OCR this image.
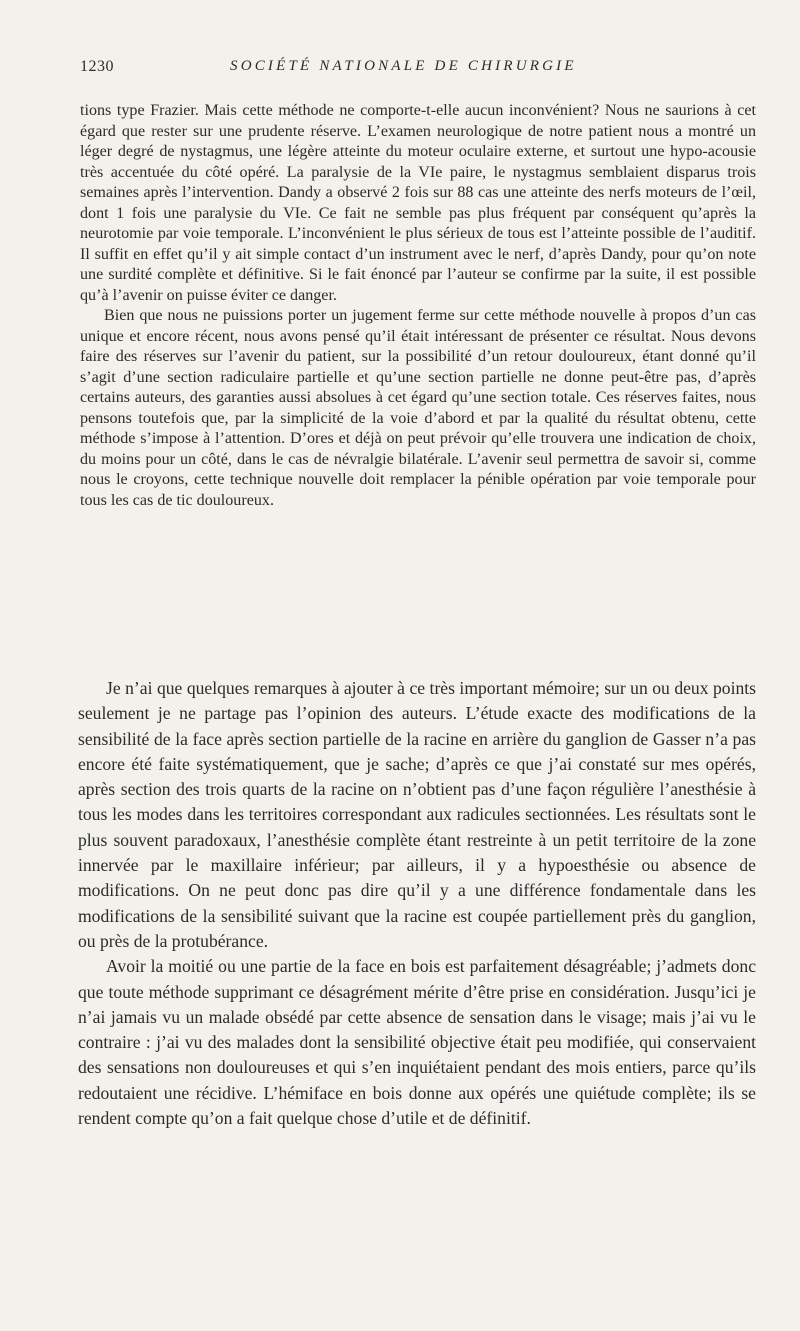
1230	SOCIÉTÉ NATIONALE DE CHIRURGIE

tions type Frazier. Mais cette méthode ne comporte-t-elle aucun inconvénient? Nous ne saurions à cet égard que rester sur une prudente réserve. L’examen neurologique de notre patient nous a montré un léger degré de nystagmus, une légère atteinte du moteur oculaire externe, et surtout une hypo-acousie très accentuée du côté opéré. La paralysie de la VIe paire, le nystagmus semblaient disparus trois semaines après l’intervention. Dandy a observé 2 fois sur 88 cas une atteinte des nerfs moteurs de l’œil, dont 1 fois une paralysie du VIe. Ce fait ne semble pas plus fréquent par conséquent qu’après la neurotomie par voie temporale. L’inconvénient le plus sérieux de tous est l’atteinte possible de l’auditif. Il suffit en effet qu’il y ait simple contact d’un instrument avec le nerf, d’après Dandy, pour qu’on note une surdité complète et définitive. Si le fait énoncé par l’auteur se confirme par la suite, il est possible qu’à l’avenir on puisse éviter ce danger.

Bien que nous ne puissions porter un jugement ferme sur cette méthode nouvelle à propos d’un cas unique et encore récent, nous avons pensé qu’il était intéressant de présenter ce résultat. Nous devons faire des réserves sur l’avenir du patient, sur la possibilité d’un retour douloureux, étant donné qu’il s’agit d’une section radiculaire partielle et qu’une section partielle ne donne peut-être pas, d’après certains auteurs, des garanties aussi absolues à cet égard qu’une section totale. Ces réserves faites, nous pensons toutefois que, par la simplicité de la voie d’abord et par la qualité du résultat obtenu, cette méthode s’impose à l’attention. D’ores et déjà on peut prévoir qu’elle trouvera une indication de choix, du moins pour un côté, dans le cas de névralgie bilatérale. L’avenir seul permettra de savoir si, comme nous le croyons, cette technique nouvelle doit remplacer la pénible opération par voie temporale pour tous les cas de tic douloureux.

Je n’ai que quelques remarques à ajouter à ce très important mémoire; sur un ou deux points seulement je ne partage pas l’opinion des auteurs. L’étude exacte des modifications de la sensibilité de la face après section partielle de la racine en arrière du ganglion de Gasser n’a pas encore été faite systématiquement, que je sache; d’après ce que j’ai constaté sur mes opérés, après section des trois quarts de la racine on n’obtient pas d’une façon régulière l’anesthésie à tous les modes dans les territoires correspondant aux radicules sectionnées. Les résultats sont le plus souvent paradoxaux, l’anesthésie complète étant restreinte à un petit territoire de la zone innervée par le maxillaire inférieur; par ailleurs, il y a hypoesthésie ou absence de modifications. On ne peut donc pas dire qu’il y a une différence fondamentale dans les modifications de la sensibilité suivant que la racine est coupée partiellement près du ganglion, ou près de la protubérance.

Avoir la moitié ou une partie de la face en bois est parfaitement désagréable; j’admets donc que toute méthode supprimant ce désagrément mérite d’être prise en considération. Jusqu’ici je n’ai jamais vu un malade obsédé par cette absence de sensation dans le visage; mais j’ai vu le contraire : j’ai vu des malades dont la sensibilité objective était peu modifiée, qui conservaient des sensations non douloureuses et qui s’en inquiétaient pendant des mois entiers, parce qu’ils redoutaient une récidive. L’hémiface en bois donne aux opérés une quiétude complète; ils se rendent compte qu’on a fait quelque chose d’utile et de définitif.
